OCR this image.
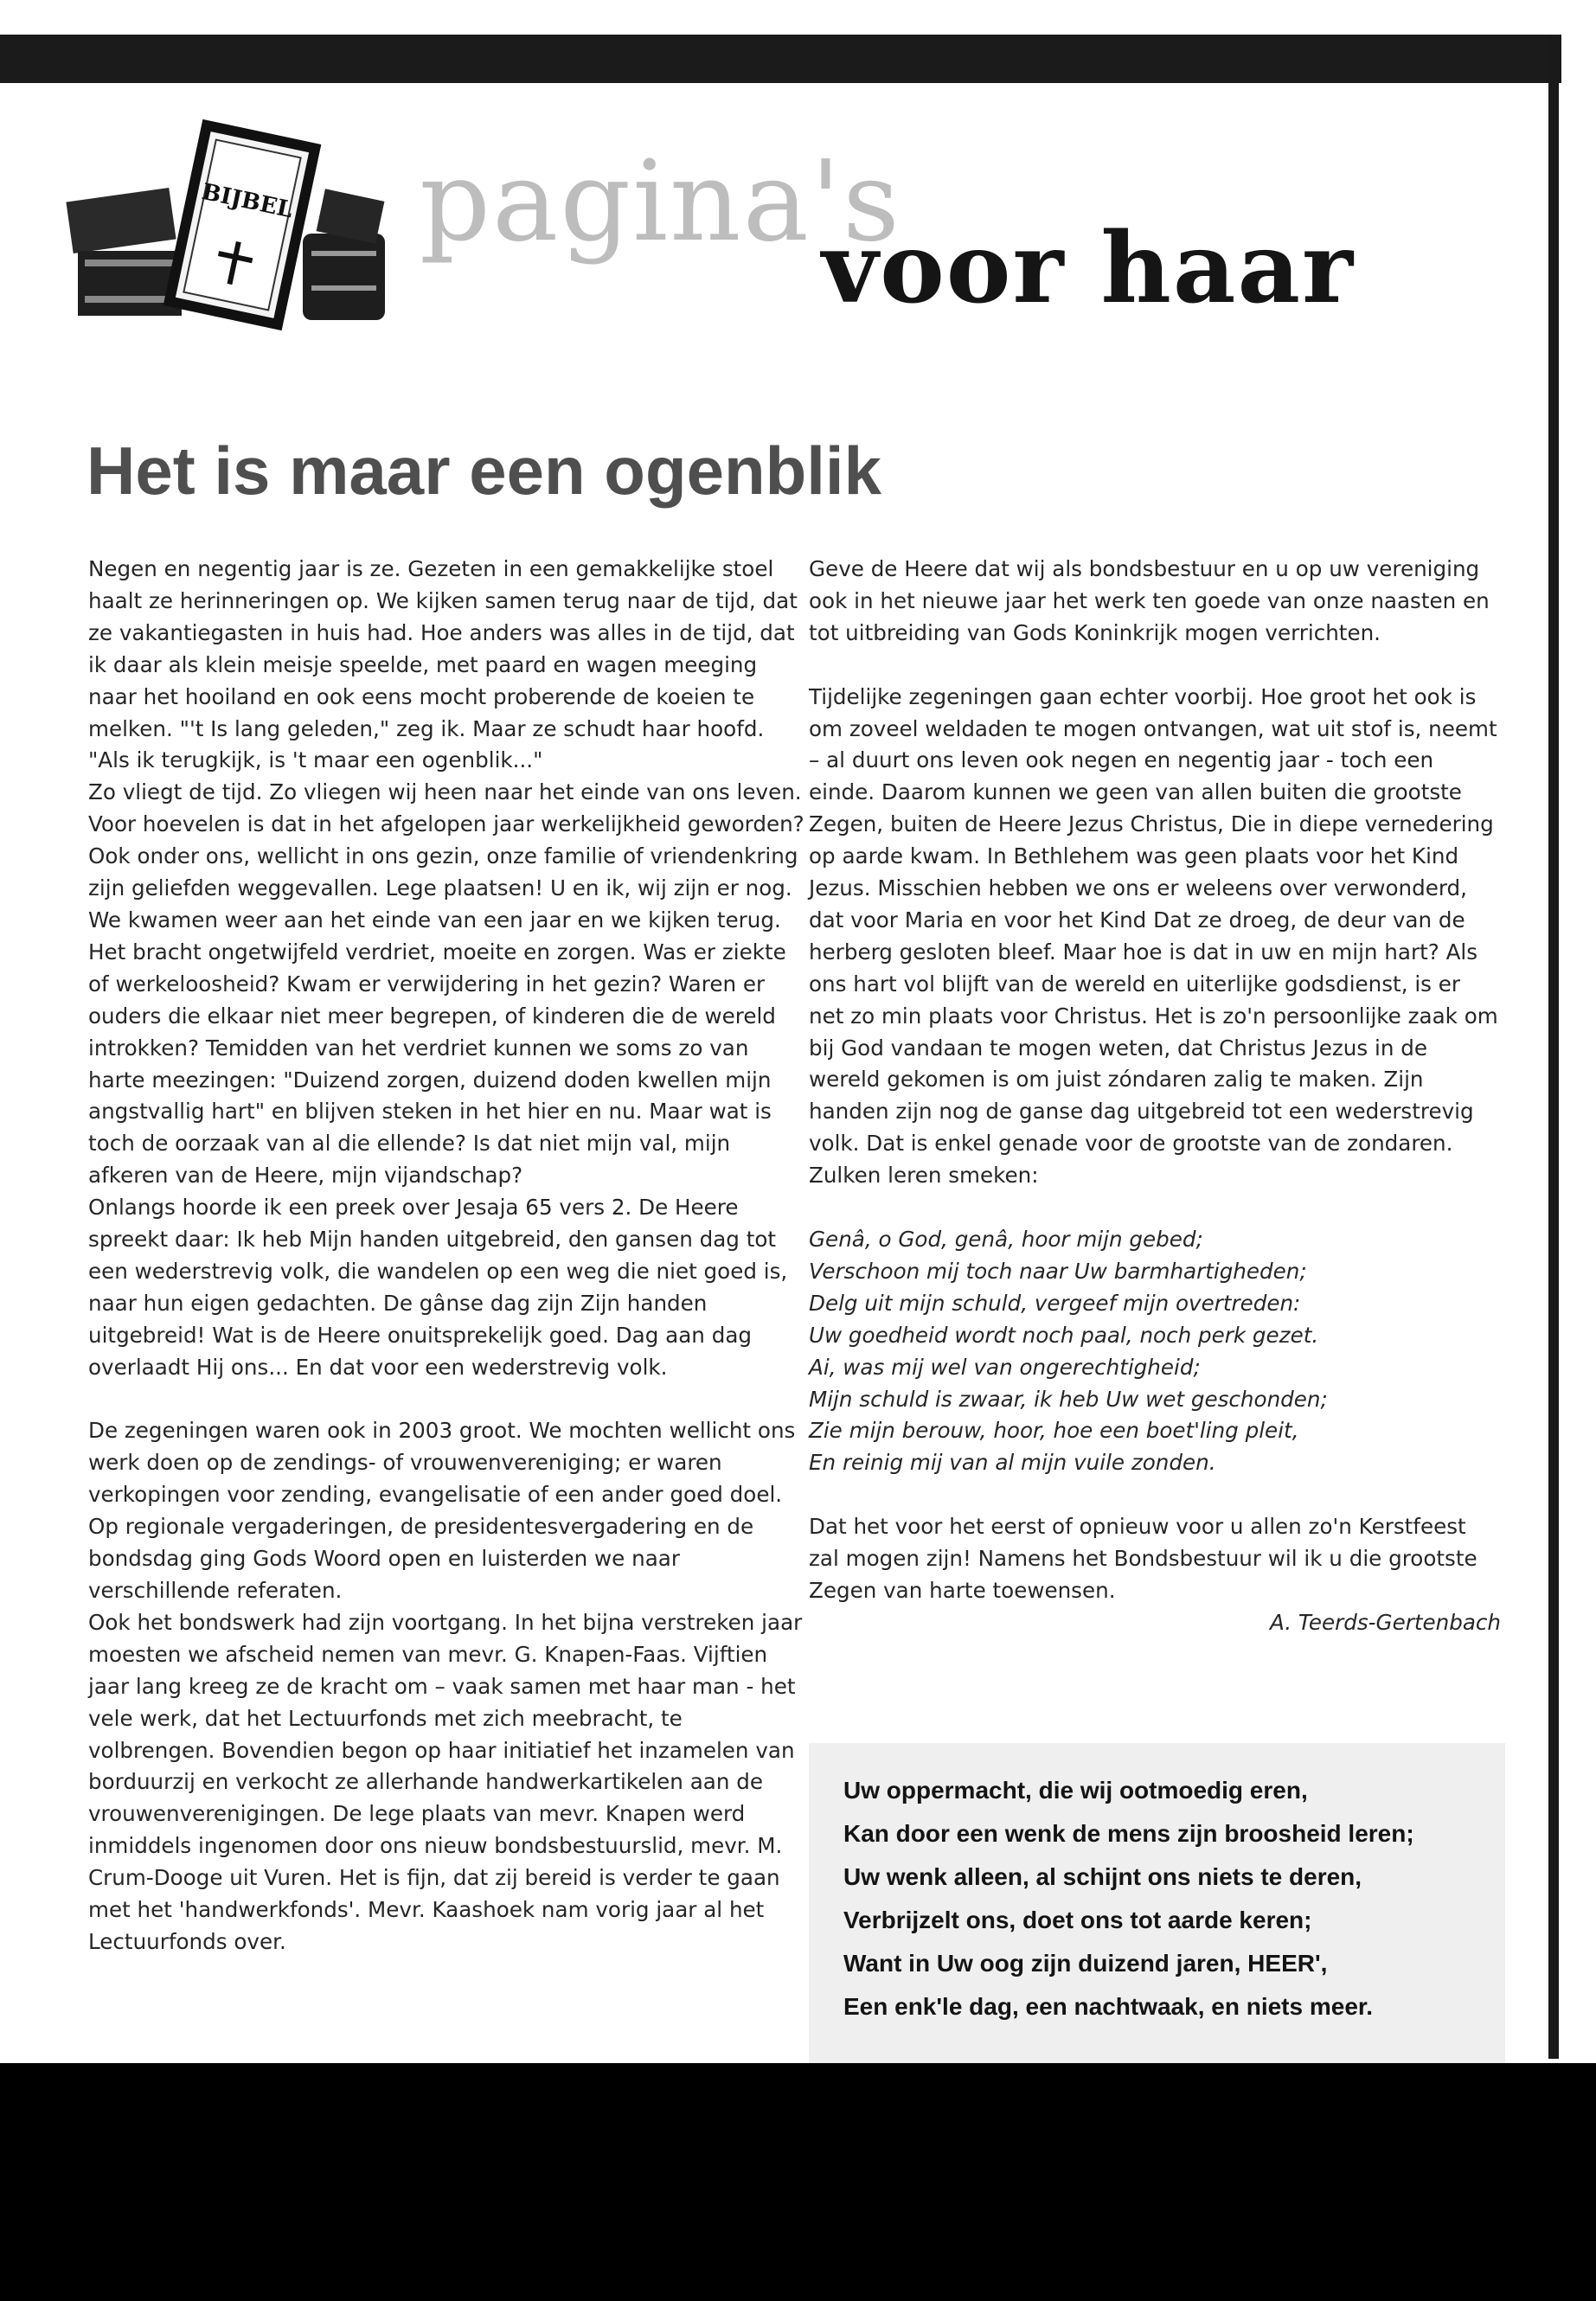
BIJBEL pagina's
voor haar
Het is maar een ogenblik

Negen en negentig jaar is ze. Gezeten in een gemakkelijke stoel haalt ze herinneringen op. We kijken samen terug naar de tijd, dat ze vakantiegasten in huis had. Hoe anders was alles in de tijd, dat ik daar als klein meisje speelde, met paard en wagen meeging naar het hooiland en ook eens mocht proberende de koeien te melken. "'t Is lang geleden," zeg ik. Maar ze schudt haar hoofd. "Als ik terugkijk, is 't maar een ogenblik..."

Zo vliegt de tijd. Zo vliegen wij heen naar het einde van ons leven. Voor hoevelen is dat in het afgelopen jaar werkelijkheid geworden? Ook onder ons, wellicht in ons gezin, onze familie of vriendenkring zijn geliefden weggevallen. Lege plaatsen! U en ik, wij zijn er nog. We kwamen weer aan het einde van een jaar en we kijken terug. Het bracht ongetwijfeld verdriet, moeite en zorgen. Was er ziekte of werkeloosheid? Kwam er verwijdering in het gezin? Waren er ouders die elkaar niet meer begrepen, of kinderen die de wereld introkken? Temidden van het verdriet kunnen we soms zo van harte meezingen: "Duizend zorgen, duizend doden kwellen mijn angstvallig hart" en blijven steken in het hier en nu. Maar wat is toch de oorzaak van al die ellende? Is dat niet mijn val, mijn afkeren van de Heere, mijn vijandschap?

Onlangs hoorde ik een preek over Jesaja 65 vers 2. De Heere spreekt daar: Ik heb Mijn handen uitgebreid, den gansen dag tot een wederstrevig volk, die wandelen op een weg die niet goed is, naar hun eigen gedachten. De gânse dag zijn Zijn handen uitgebreid! Wat is de Heere onuitsprekelijk goed. Dag aan dag overlaadt Hij ons... En dat voor een wederstrevig volk.

De zegeningen waren ook in 2003 groot. We mochten wellicht ons werk doen op de zendings- of vrouwenvereniging; er waren verkopingen voor zending, evangelisatie of een ander goed doel. Op regionale vergaderingen, de presidentesvergadering en de bondsdag ging Gods Woord open en luisterden we naar verschillende referaten.

Ook het bondswerk had zijn voortgang. In het bijna verstreken jaar moesten we afscheid nemen van mevr. G. Knapen-Faas. Vijftien jaar lang kreeg ze de kracht om – vaak samen met haar man - het vele werk, dat het Lectuurfonds met zich meebracht, te volbrengen. Bovendien begon op haar initiatief het inzamelen van borduurzij en verkocht ze allerhande handwerkartikelen aan de vrouwenverenigingen. De lege plaats van mevr. Knapen werd inmiddels ingenomen door ons nieuw bondsbestuurslid, mevr. M. Crum-Dooge uit Vuren. Het is fijn, dat zij bereid is verder te gaan met het 'handwerkfonds'. Mevr. Kaashoek nam vorig jaar al het Lectuurfonds over.

Geve de Heere dat wij als bondsbestuur en u op uw vereniging ook in het nieuwe jaar het werk ten goede van onze naasten en tot uitbreiding van Gods Koninkrijk mogen verrichten.

Tijdelijke zegeningen gaan echter voorbij. Hoe groot het ook is om zoveel weldaden te mogen ontvangen, wat uit stof is, neemt – al duurt ons leven ook negen en negentig jaar - toch een einde. Daarom kunnen we geen van allen buiten die grootste Zegen, buiten de Heere Jezus Christus, Die in diepe vernedering op aarde kwam. In Bethlehem was geen plaats voor het Kind Jezus. Misschien hebben we ons er weleens over verwonderd, dat voor Maria en voor het Kind Dat ze droeg, de deur van de herberg gesloten bleef. Maar hoe is dat in uw en mijn hart? Als ons hart vol blijft van de wereld en uiterlijke godsdienst, is er net zo min plaats voor Christus. Het is zo'n persoonlijke zaak om bij God vandaan te mogen weten, dat Christus Jezus in de wereld gekomen is om juist zóndaren zalig te maken. Zijn handen zijn nog de ganse dag uitgebreid tot een wederstrevig volk. Dat is enkel genade voor de grootste van de zondaren. Zulken leren smeken:

Genâ, o God, genâ, hoor mijn gebed;

Verschoon mij toch naar Uw barmhartigheden;

Delg uit mijn schuld, vergeef mijn overtreden:

Uw goedheid wordt noch paal, noch perk gezet.

Ai, was mij wel van ongerechtigheid;

Mijn schuld is zwaar, ik heb Uw wet geschonden;

Zie mijn berouw, hoor, hoe een boet'ling pleit,

En reinig mij van al mijn vuile zonden.

Dat het voor het eerst of opnieuw voor u allen zo'n Kerstfeest zal mogen zijn! Namens het Bondsbestuur wil ik u die grootste Zegen van harte toewensen.

A. Teerds-Gertenbach

Uw oppermacht, die wij ootmoedig eren,

Kan door een wenk de mens zijn broosheid leren;

Uw wenk alleen, al schijnt ons niets te deren,

Verbrijzelt ons, doet ons tot aarde keren;

Want in Uw oog zijn duizend jaren, HEER',

Een enk'le dag, een nachtwaak, en niets meer.
